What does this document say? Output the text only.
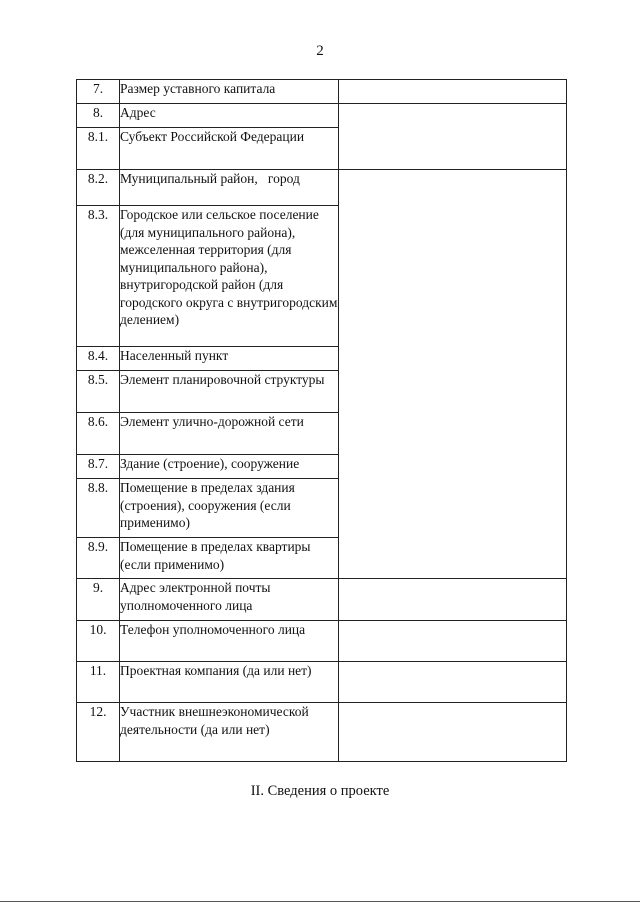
2
7.	Размер уставного капитала	
8.	Адрес	
8.1.	Субъект Российской Федерации	
8.2.	Муниципальный район,   город	
8.3.	Городское или сельское поселение (для муниципального района), межселенная территория (для муниципального района), внутригородской район (для городского округа с внутригородским делением)	
8.4.	Населенный пункт	
8.5.	Элемент планировочной структуры	
8.6.	Элемент улично-дорожной сети	
8.7.	Здание (строение), сооружение	
8.8.	Помещение в пределах здания (строения), сооружения (если применимо)	
8.9.	Помещение в пределах квартиры (если применимо)	
9.	Адрес электронной почты уполномоченного лица	
10.	Телефон уполномоченного лица	
11.	Проектная компания (да или нет)	
12.	Участник внешнеэкономической деятельности (да или нет)	
II. Сведения о проекте
